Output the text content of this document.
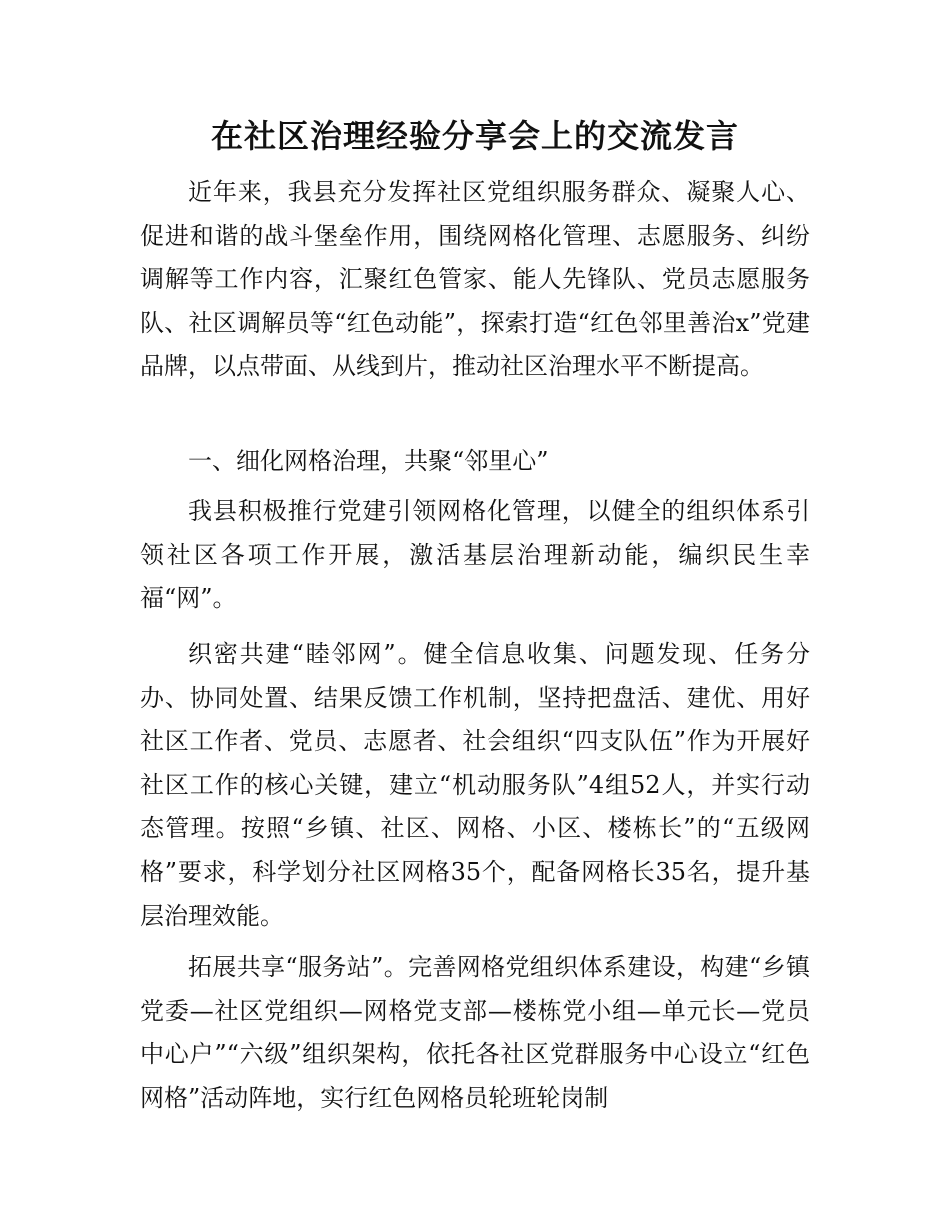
在社区治理经验分享会上的交流发言

近年来，我县充分发挥社区党组织服务群众、凝聚人心、促进和谐的战斗堡垒作用，围绕网格化管理、志愿服务、纠纷调解等工作内容，汇聚红色管家、能人先锋队、党员志愿服务队、社区调解员等“红色动能”，探索打造“红色邻里善治x”党建品牌，以点带面、从线到片，推动社区治理水平不断提高。

一、细化网格治理，共聚“邻里心”

我县积极推行党建引领网格化管理，以健全的组织体系引领社区各项工作开展，激活基层治理新动能，编织民生幸福“网”。

织密共建“睦邻网”。健全信息收集、问题发现、任务分办、协同处置、结果反馈工作机制，坚持把盘活、建优、用好社区工作者、党员、志愿者、社会组织“四支队伍”作为开展好社区工作的核心关键，建立“机动服务队”4组52人，并实行动态管理。按照“乡镇、社区、网格、小区、楼栋长”的“五级网格”要求，科学划分社区网格35个，配备网格长35名，提升基层治理效能。

拓展共享“服务站”。完善网格党组织体系建设，构建“乡镇党委—社区党组织—网格党支部—楼栋党小组—单元长—党员中心户”“六级”组织架构，依托各社区党群服务中心设立“红色网格”活动阵地，实行红色网格员轮班轮岗制
